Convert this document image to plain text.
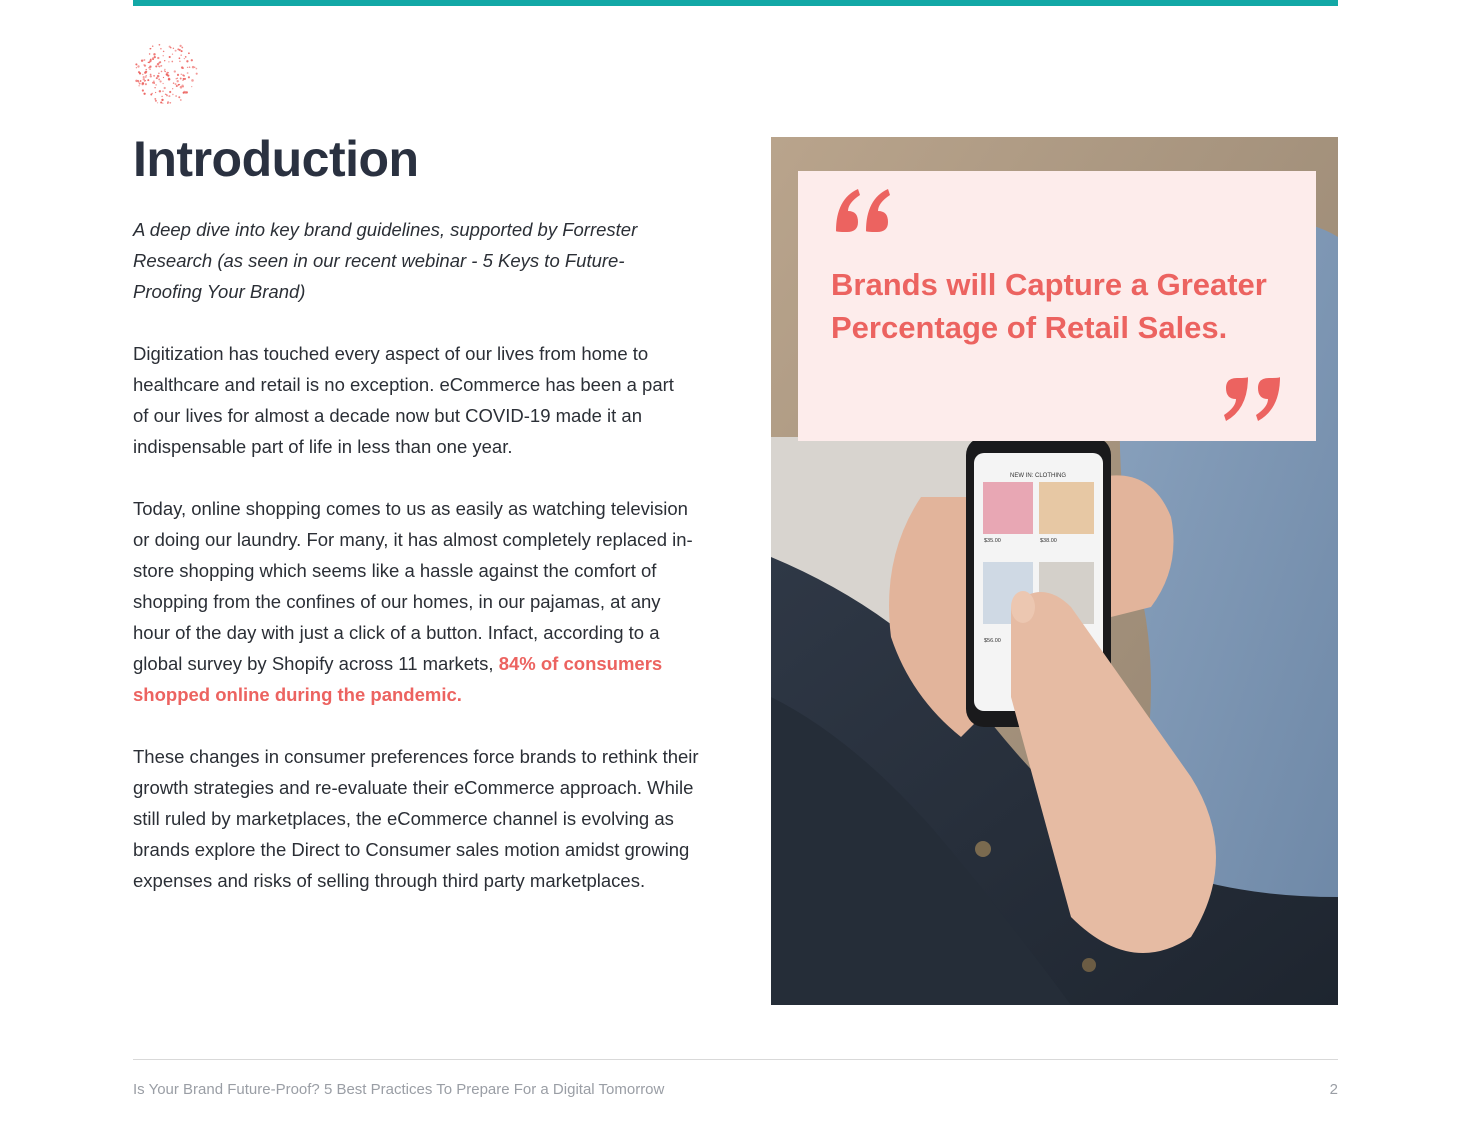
Introduction

A deep dive into key brand guidelines, supported by Forrester Research (as seen in our recent webinar - 5 Keys to Future-Proofing Your Brand)

Digitization has touched every aspect of our lives from home to healthcare and retail is no exception. eCommerce has been a part of our lives for almost a decade now but COVID-19 made it an indispensable part of life in less than one year.

Today, online shopping comes to us as easily as watching television or doing our laundry. For many, it has almost completely replaced in-store shopping which seems like a hassle against the comfort of shopping from the confines of our homes, in our pajamas, at any hour of the day with just a click of a button. Infact, according to a global survey by Shopify across 11 markets, 84% of consumers shopped online during the pandemic.

These changes in consumer preferences force brands to rethink their growth strategies and re-evaluate their eCommerce approach. While still ruled by marketplaces, the eCommerce channel is evolving as brands explore the Direct to Consumer sales motion amidst growing expenses and risks of selling through third party marketplaces.

NEW IN: CLOTHING
$35.00	$38.00
$56.00

Brands will Capture a Greater Percentage of Retail Sales.

Is Your Brand Future-Proof? 5 Best Practices To Prepare For a Digital Tomorrow	2
